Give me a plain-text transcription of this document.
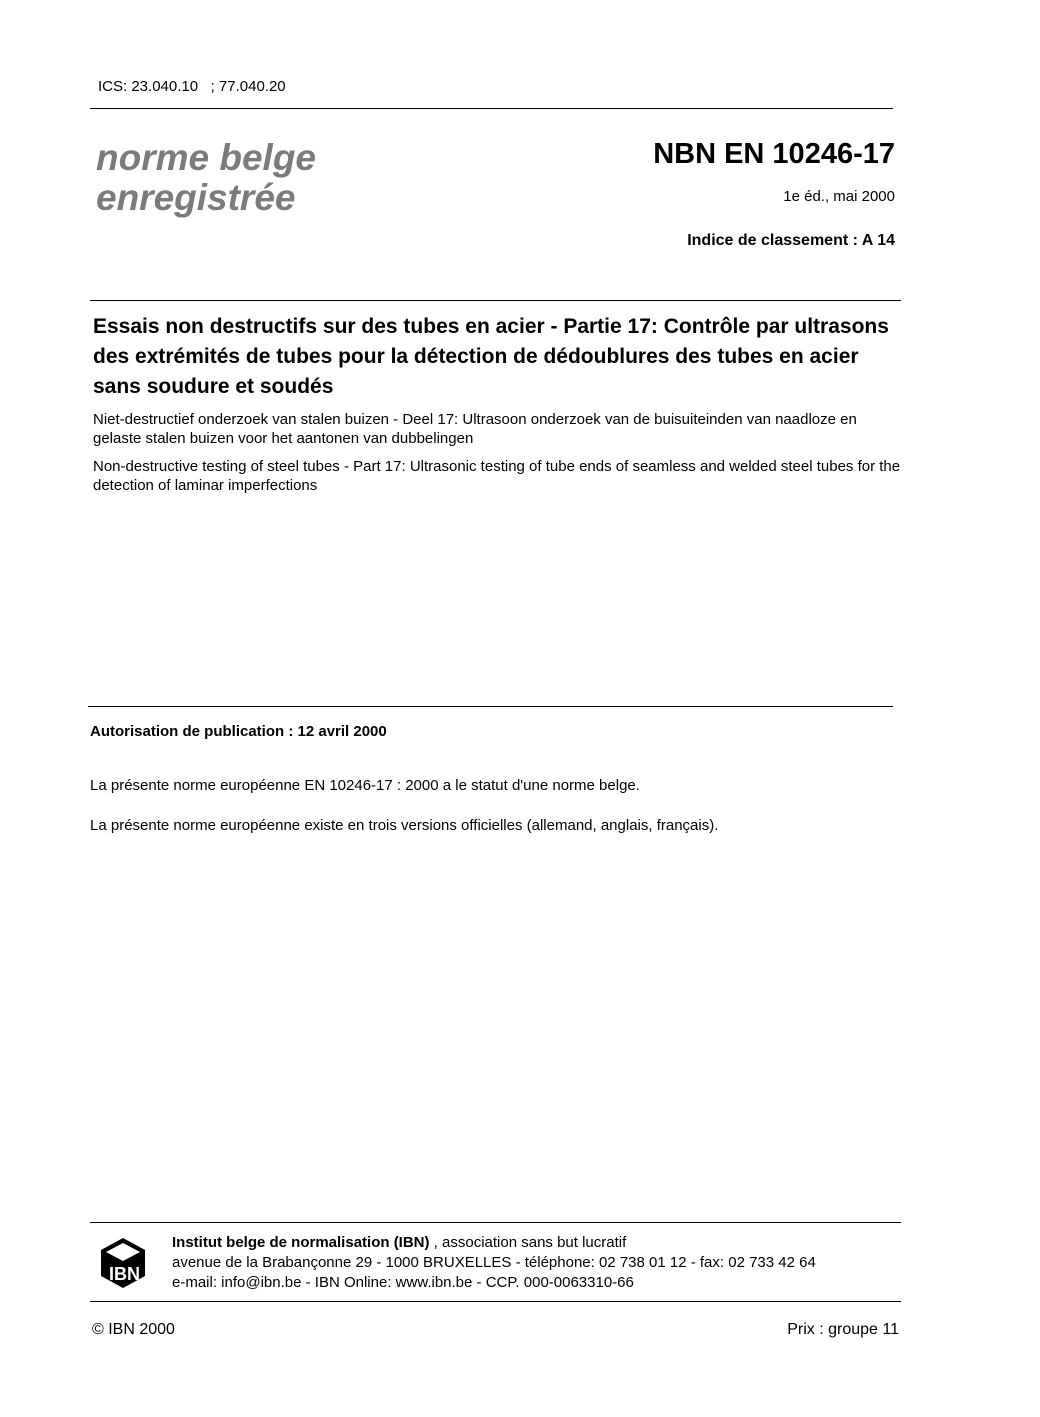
ICS: 23.040.10   ; 77.040.20
norme belge
enregistrée
NBN EN 10246-17
1e éd., mai 2000
Indice de classement : A 14
Essais non destructifs sur des tubes en acier - Partie 17: Contrôle par ultrasons des extrémités de tubes pour la détection de dédoublures des tubes en acier sans soudure et soudés
Niet-destructief onderzoek van stalen buizen - Deel 17: Ultrasoon onderzoek van de buisuiteinden van naadloze en gelaste stalen buizen voor het aantonen van dubbelingen
Non-destructive testing of steel tubes - Part 17: Ultrasonic testing of tube ends of seamless and welded steel tubes for the detection of laminar imperfections
Autorisation de publication : 12 avril 2000
La présente norme européenne EN 10246-17 : 2000 a le statut d'une norme belge.
La présente norme européenne existe en trois versions officielles (allemand, anglais, français).
IBN
Institut belge de normalisation (IBN) , association sans but lucratif
avenue de la Brabançonne 29 - 1000 BRUXELLES - téléphone: 02 738 01 12 - fax: 02 733 42 64
e-mail: info@ibn.be - IBN Online: www.ibn.be - CCP. 000-0063310-66
© IBN 2000	Prix : groupe 11
